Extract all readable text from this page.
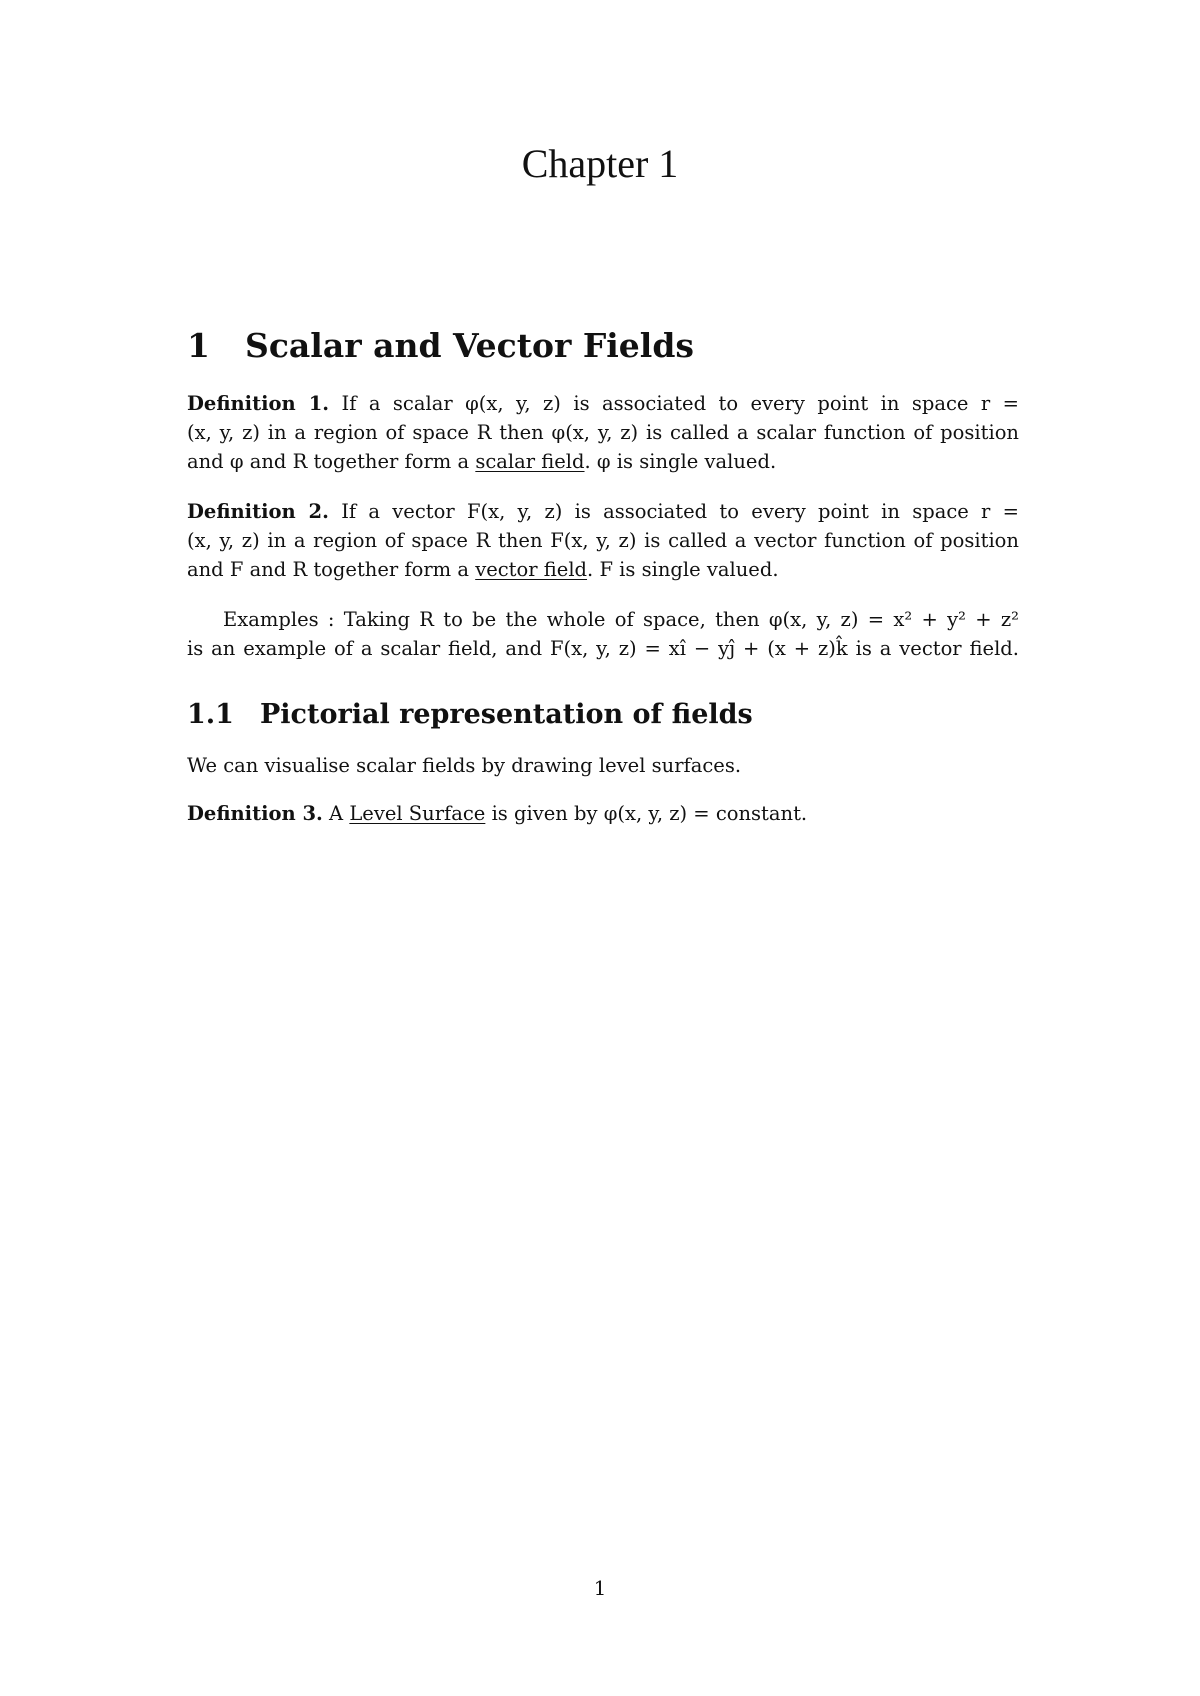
Chapter 1
1 Scalar and Vector Fields
Definition 1. If a scalar φ(x, y, z) is associated to every point in space r =
(x, y, z) in a region of space R then φ(x, y, z) is called a scalar function of position
and φ and R together form a scalar field. φ is single valued.
Definition 2. If a vector F(x, y, z) is associated to every point in space r =
(x, y, z) in a region of space R then F(x, y, z) is called a vector function of position
and F and R together form a vector field. F is single valued.
Examples : Taking R to be the whole of space, then φ(x, y, z) = x² + y² + z²
is an example of a scalar field, and F(x, y, z) = xî − yĵ + (x + z)k̂ is a vector field.
1.1 Pictorial representation of fields
We can visualise scalar fields by drawing level surfaces.
Definition 3. A Level Surface is given by φ(x, y, z) = constant.
1
